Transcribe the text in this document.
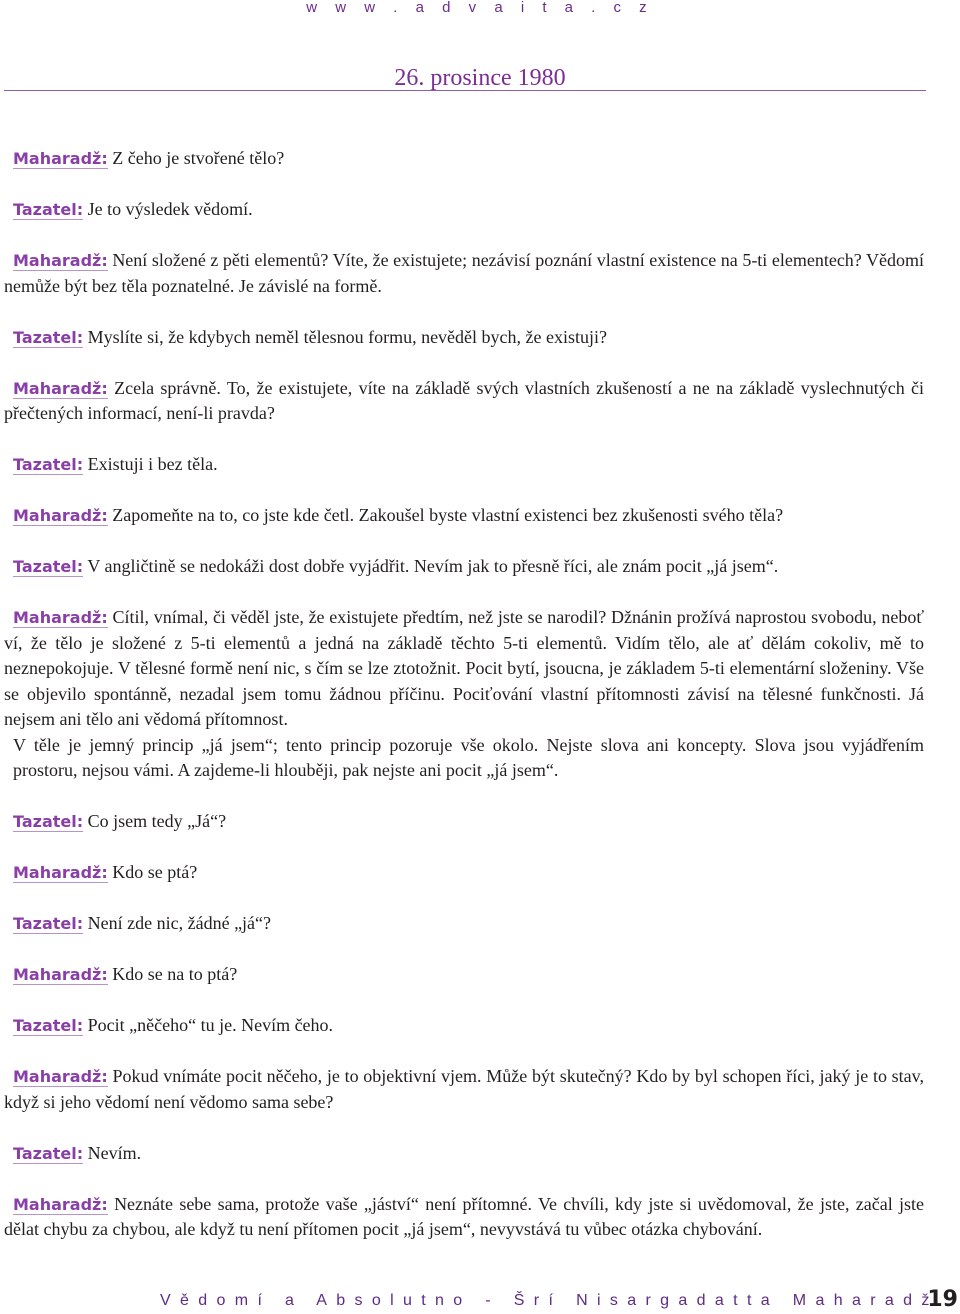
w w w . a d v a i t a . c z
26. prosince 1980

Maharadž: Z čeho je stvořené tělo?

Tazatel: Je to výsledek vědomí.

Maharadž: Není složené z pěti elementů? Víte, že existujete; nezávisí poznání vlastní existence na 5-ti elementech? Vědomí nemůže být bez těla poznatelné. Je závislé na formě.

Tazatel: Myslíte si, že kdybych neměl tělesnou formu, nevěděl bych, že existuji?

Maharadž: Zcela správně. To, že existujete, víte na základě svých vlastních zkušeností a ne na základě vyslechnutých či přečtených informací, není-li pravda?

Tazatel: Existuji i bez těla.

Maharadž: Zapomeňte na to, co jste kde četl. Zakoušel byste vlastní existenci bez zkušenosti svého těla?

Tazatel: V angličtině se nedokáži dost dobře vyjádřit. Nevím jak to přesně říci, ale znám pocit „já jsem“.

Maharadž: Cítil, vnímal, či věděl jste, že existujete předtím, než jste se narodil? Džnánin prožívá naprostou svobodu, neboť ví, že tělo je složené z 5-ti elementů a jedná na základě těchto 5-ti elementů. Vidím tělo, ale ať dělám cokoliv, mě to neznepokojuje. V tělesné formě není nic, s čím se lze ztotožnit. Pocit bytí, jsoucna, je základem 5-ti elementární složeniny. Vše se objevilo spontánně, nezadal jsem tomu žádnou příčinu. Pociťování vlastní přítomnosti závisí na tělesné funkčnosti. Já nejsem ani tělo ani vědomá přítomnost.
V těle je jemný princip „já jsem“; tento princip pozoruje vše okolo. Nejste slova ani koncepty. Slova jsou vyjádřením prostoru, nejsou vámi. A zajdeme-li hlouběji, pak nejste ani pocit „já jsem“.

Tazatel: Co jsem tedy „Já“?

Maharadž: Kdo se ptá?

Tazatel: Není zde nic, žádné „já“?

Maharadž: Kdo se na to ptá?

Tazatel: Pocit „něčeho“ tu je. Nevím čeho.

Maharadž: Pokud vnímáte pocit něčeho, je to objektivní vjem. Může být skutečný? Kdo by byl schopen říci, jaký je to stav, když si jeho vědomí není vědomo sama sebe?

Tazatel: Nevím.

Maharadž: Neznáte sebe sama, protože vaše „jáství“ není přítomné. Ve chvíli, kdy jste si uvědomoval, že jste, začal jste dělat chybu za chybou, ale když tu není přítomen pocit „já jsem“, nevyvstává tu vůbec otázka chybování.

Vědomí a Absolutno - Šrí Nisargadatta Maharadž
19
